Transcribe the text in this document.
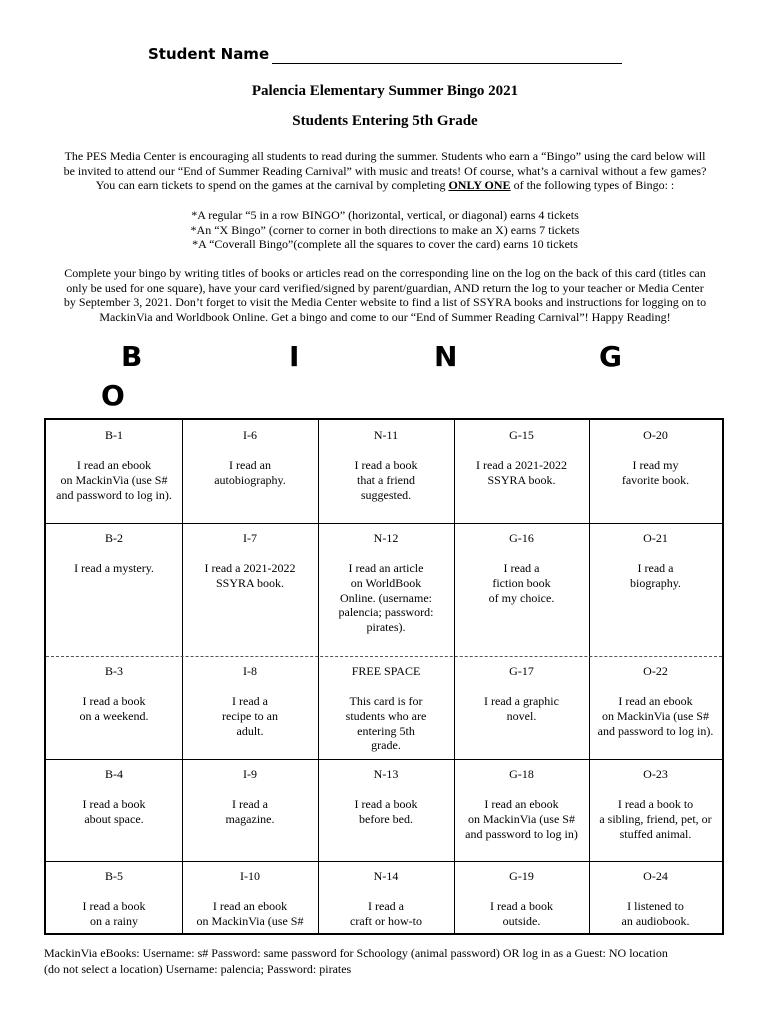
Student Name
Palencia Elementary Summer Bingo 2021
Students Entering 5th Grade
The PES Media Center is encouraging all students to read during the summer. Students who earn a “Bingo” using the card below will
be invited to attend our “End of Summer Reading Carnival” with music and treats! Of course, what’s a carnival without a few games?
You can earn tickets to spend on the games at the carnival by completing ONLY ONE of the following types of Bingo: :
*A regular “5 in a row BINGO” (horizontal, vertical, or diagonal) earns 4 tickets
*An “X Bingo” (corner to corner in both directions to make an X) earns 7 tickets
*A “Coverall Bingo”(complete all the squares to cover the card) earns 10 tickets
Complete your bingo by writing titles of books or articles read on the corresponding line on the log on the back of this card (titles can
only be used for one square), have your card verified/signed by parent/guardian, AND return the log to your teacher or Media Center
by September 3, 2021. Don’t forget to visit the Media Center website to find a list of SSYRA books and instructions for logging on to
MackinVia and Worldbook Online. Get a bingo and come to our “End of Summer Reading Carnival”! Happy Reading!
B	I	N	G
O
B-1
I read an ebook
on MackinVia (use S#
and password to log in).
I-6
I read an
autobiography.
N-11
I read a book
that a friend
suggested.
G-15
I read a 2021-2022
SSYRA book.
O-20
I read my
favorite book.
B-2
I read a mystery.
I-7
I read a 2021-2022
SSYRA book.
N-12
I read an article
on WorldBook
Online. (username:
palencia; password:
pirates).
G-16
I read a
fiction book
of my choice.
O-21
I read a
biography.
B-3
I read a book
on a weekend.
I-8
I read a
recipe to an
adult.
FREE SPACE
This card is for
students who are
entering 5th
grade.
G-17
I read a graphic
novel.
O-22
I read an ebook
on MackinVia (use S#
and password to log in).
B-4
I read a book
about space.
I-9
I read a
magazine.
N-13
I read a book
before bed.
G-18
I read an ebook
on MackinVia (use S#
and password to log in)
O-23
I read a book to
a sibling, friend, pet, or
stuffed animal.
B-5
I read a book
on a rainy
I-10
I read an ebook
on MackinVia (use S#
N-14
I read a
craft or how-to
G-19
I read a book
outside.
O-24
I listened to
an audiobook.
MackinVia eBooks: Username: s# Password: same password for Schoology (animal password) OR log in as a Guest: NO location
(do not select a location) Username: palencia; Password: pirates
